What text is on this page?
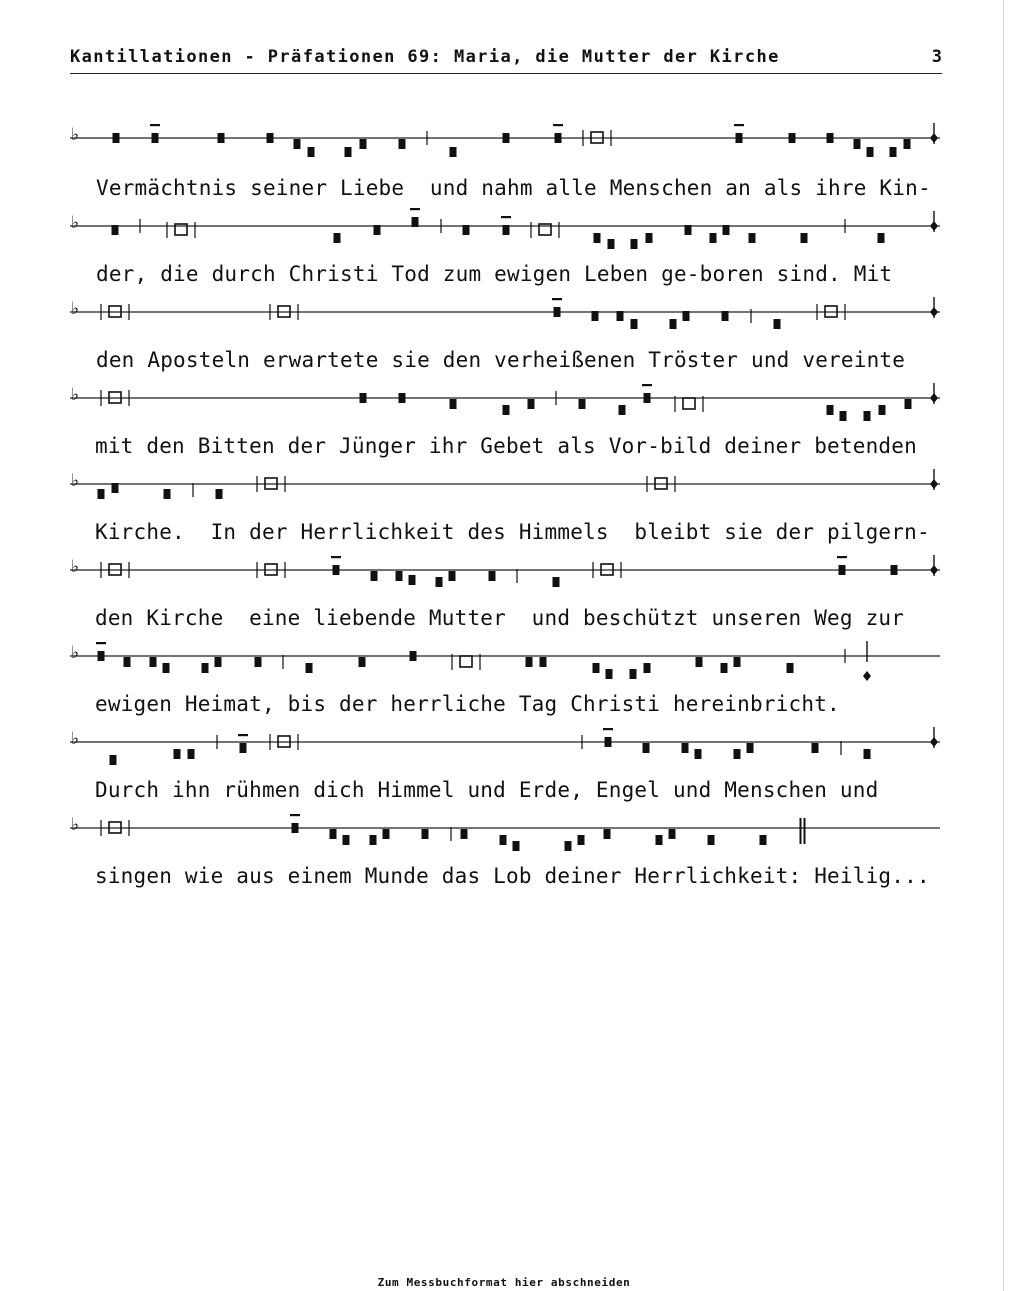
Kantillationen - Präfationen 69: Maria, die Mutter der Kirche	3
♭
♭
♭
♭
♭
♭
♭
♭
♭
Vermächtnis seiner Liebe  und nahm alle Menschen an als ihre Kin-
der, die durch Christi Tod zum ewigen Leben ge-boren sind. Mit
den Aposteln erwartete sie den verheißenen Tröster und vereinte
mit den Bitten der Jünger ihr Gebet als Vor-bild deiner betenden
Kirche.  In der Herrlichkeit des Himmels  bleibt sie der pilgern-
den Kirche  eine liebende Mutter  und beschützt unseren Weg zur
ewigen Heimat, bis der herrliche Tag Christi hereinbricht.
Durch ihn rühmen dich Himmel und Erde, Engel und Menschen und
singen wie aus einem Munde das Lob deiner Herrlichkeit: Heilig...
Zum Messbuchformat hier abschneiden
